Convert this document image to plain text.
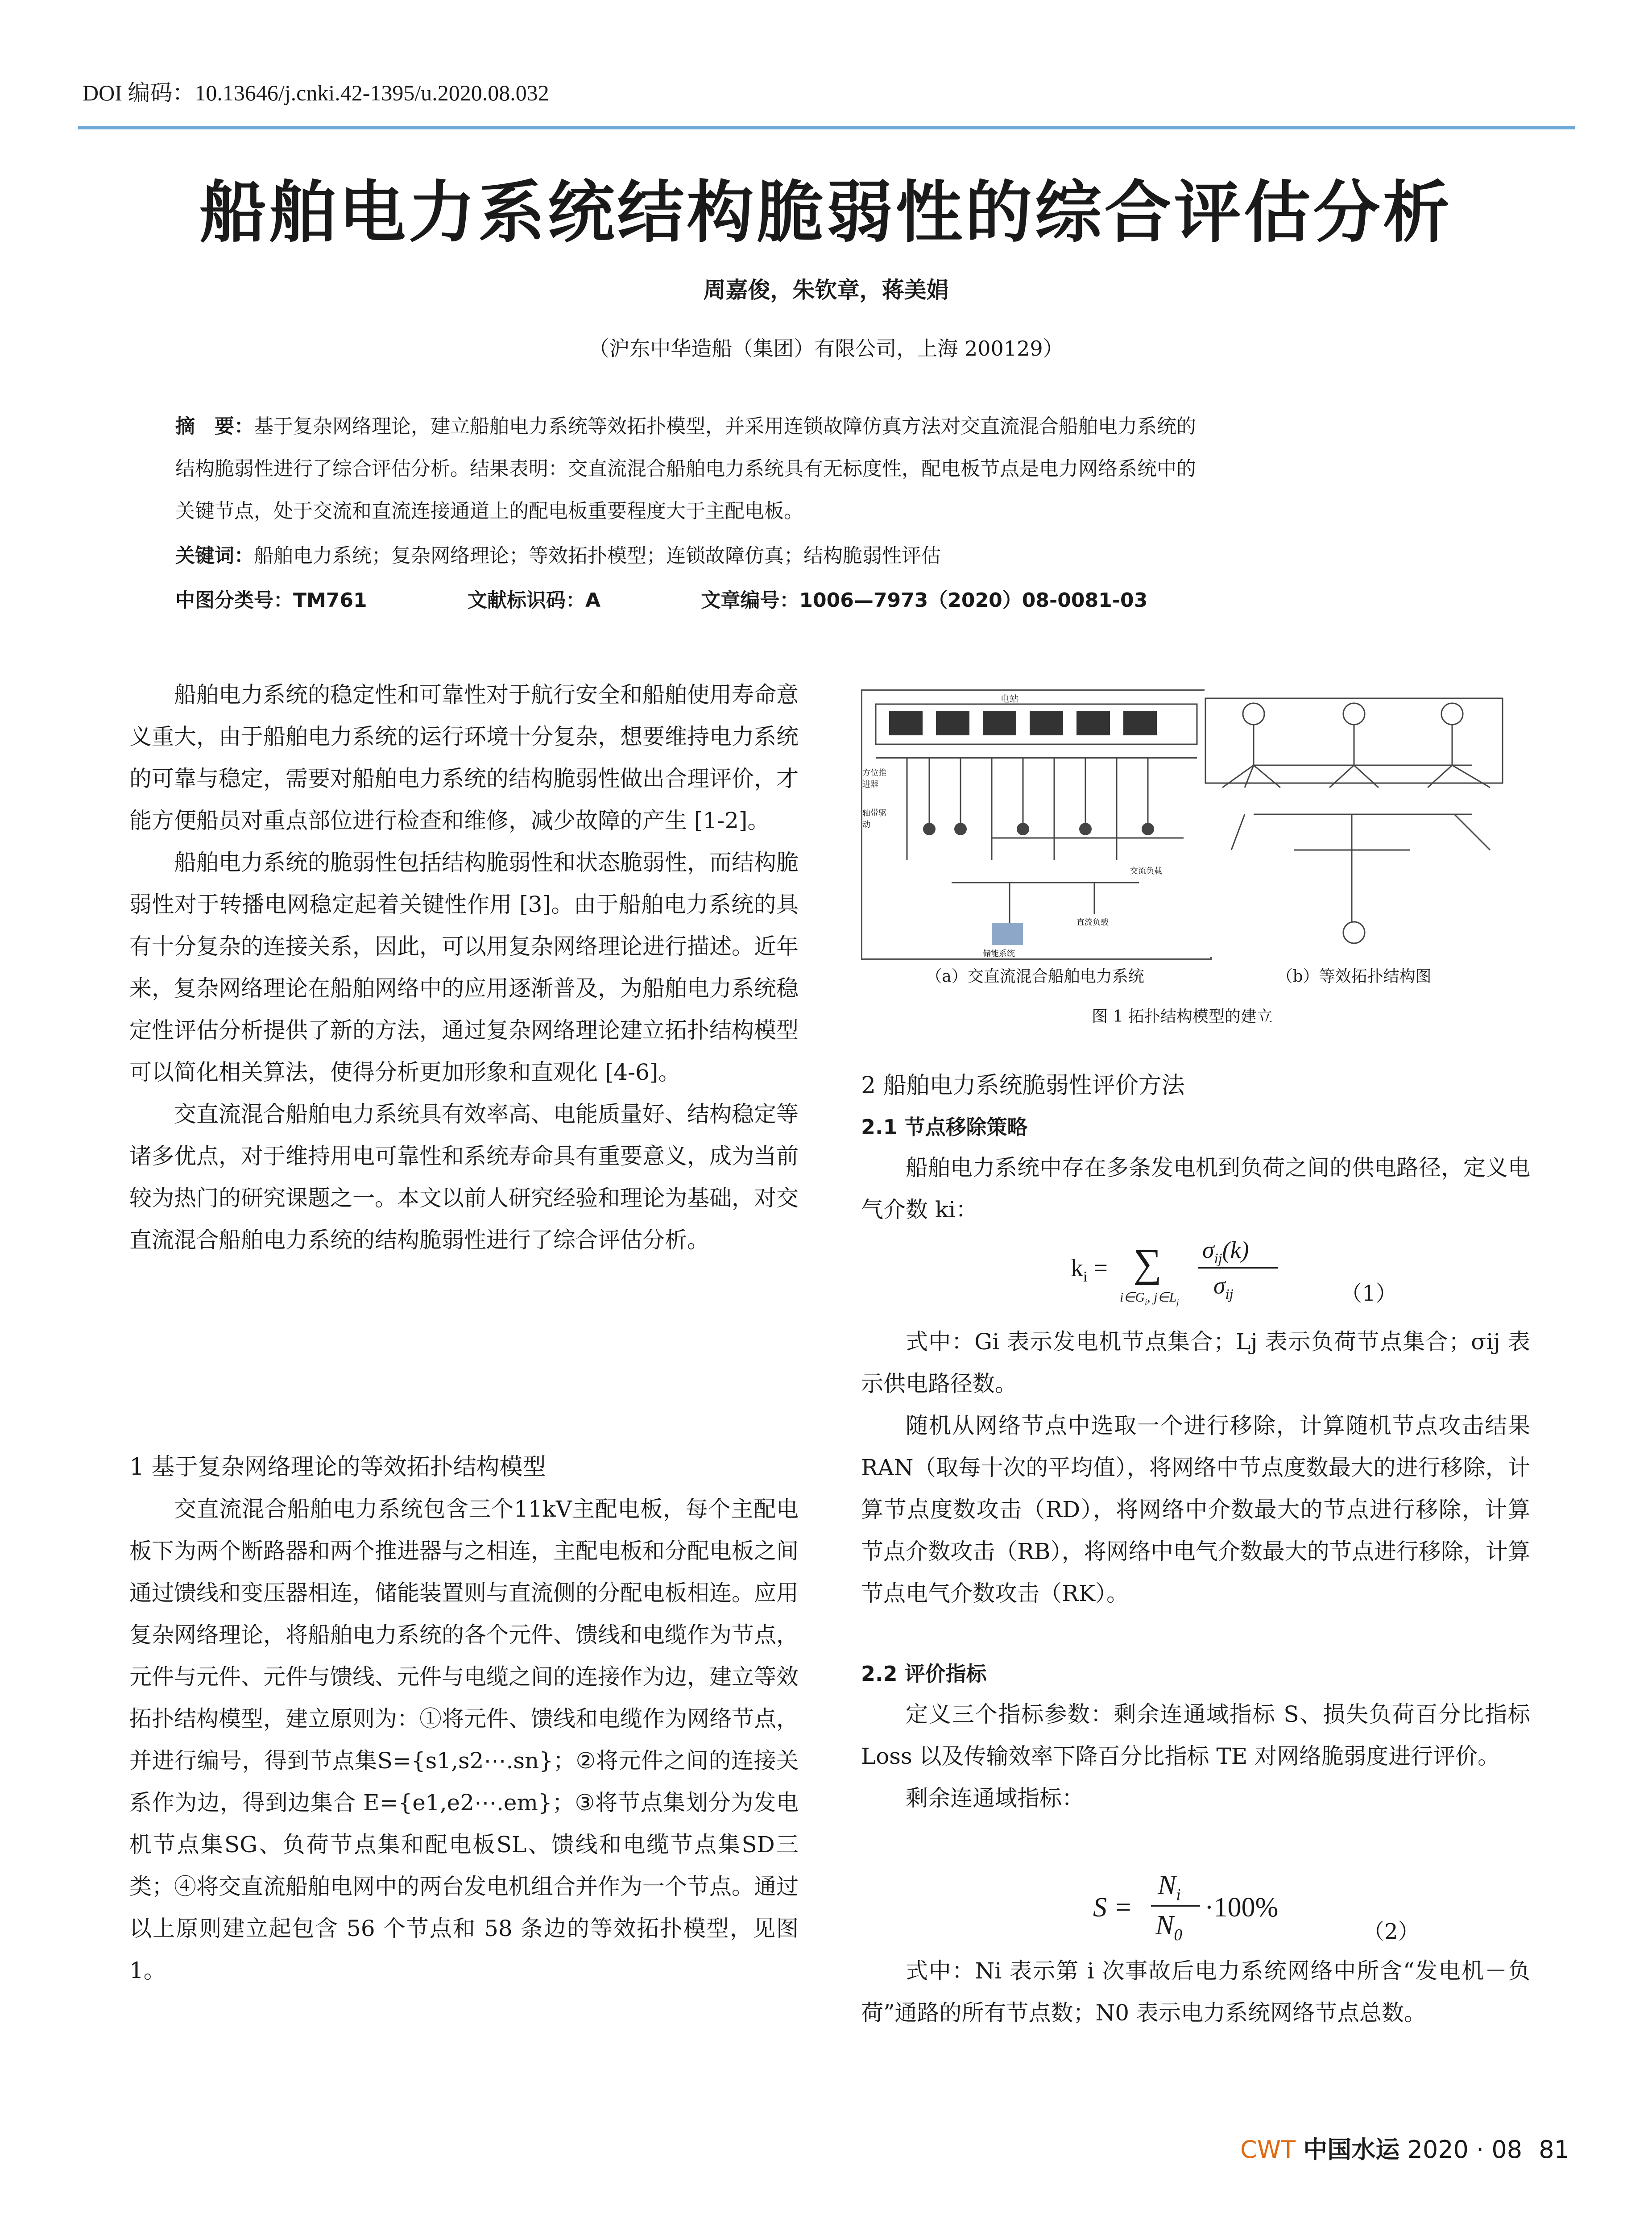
DOI 编码：10.13646/j.cnki.42-1395/u.2020.08.032
船舶电力系统结构脆弱性的综合评估分析
周嘉俊，朱钦章，蒋美娟
（沪东中华造船（集团）有限公司，上海 200129）
摘　要：基于复杂网络理论，建立船舶电力系统等效拓扑模型，并采用连锁故障仿真方法对交直流混合船舶电力系统的
结构脆弱性进行了综合评估分析。结果表明：交直流混合船舶电力系统具有无标度性，配电板节点是电力网络系统中的
关键节点，处于交流和直流连接通道上的配电板重要程度大于主配电板。
关键词：船舶电力系统；复杂网络理论；等效拓扑模型；连锁故障仿真；结构脆弱性评估
中图分类号：TM761	文献标识码：A	文章编号：1006—7973（2020）08-0081-03

船舶电力系统的稳定性和可靠性对于航行安全和船舶使用寿命意义重大，由于船舶电力系统的运行环境十分复杂，想要维持电力系统的可靠与稳定，需要对船舶电力系统的结构脆弱性做出合理评价，才能方便船员对重点部位进行检查和维修，减少故障的产生 [1-2]。

船舶电力系统的脆弱性包括结构脆弱性和状态脆弱性，而结构脆弱性对于转播电网稳定起着关键性作用 [3]。由于船舶电力系统的具有十分复杂的连接关系，因此，可以用复杂网络理论进行描述。近年来，复杂网络理论在船舶网络中的应用逐渐普及，为船舶电力系统稳定性评估分析提供了新的方法，通过复杂网络理论建立拓扑结构模型可以简化相关算法，使得分析更加形象和直观化 [4-6]。

交直流混合船舶电力系统具有效率高、电能质量好、结构稳定等诸多优点，对于维持用电可靠性和系统寿命具有重要意义，成为当前较为热门的研究课题之一。本文以前人研究经验和理论为基础，对交直流混合船舶电力系统的结构脆弱性进行了综合评估分析。

1 基于复杂网络理论的等效拓扑结构模型

交直流混合船舶电力系统包含三个11kV主配电板，每个主配电板下为两个断路器和两个推进器与之相连，主配电板和分配电板之间通过馈线和变压器相连，储能装置则与直流侧的分配电板相连。应用复杂网络理论，将船舶电力系统的各个元件、馈线和电缆作为节点，元件与元件、元件与馈线、元件与电缆之间的连接作为边，建立等效拓扑结构模型，建立原则为：①将元件、馈线和电缆作为网络节点，并进行编号，得到节点集S={s1,s2⋯.sn}；②将元件之间的连接关系作为边，得到边集合 E={e1,e2⋯.em}；③将节点集划分为发电机节点集SG、负荷节点集和配电板SL、馈线和电缆节点集SD三类；④将交直流船舶电网中的两台发电机组合并作为一个节点。通过以上原则建立起包含 56 个节点和 58 条边的等效拓扑模型，见图 1。

电站
方位推进器
轴带驱动
交流负载
直流负载
储能系统
（a）交直流混合船舶电力系统	（b）等效拓扑结构图
图 1 拓扑结构模型的建立
2 船舶电力系统脆弱性评价方法
2.1 节点移除策略

船舶电力系统中存在多条发电机到负荷之间的供电路径，定义电气介数 ki：

$k_i$ = ∑
$i\in G_i$, $j\in L_j$
$\sigma_{ij}(k)$
$\sigma_{ij}$	（1）

式中：Gi 表示发电机节点集合；Lj 表示负荷节点集合；σij 表示供电路径数。

随机从网络节点中选取一个进行移除，计算随机节点攻击结果 RAN（取每十次的平均值），将网络中节点度数最大的进行移除，计算节点度数攻击（RD），将网络中介数最大的节点进行移除，计算节点介数攻击（RB），将网络中电气介数最大的节点进行移除，计算节点电气介数攻击（RK）。

2.2 评价指标

定义三个指标参数：剩余连通域指标 S、损失负荷百分比指标 Loss 以及传输效率下降百分比指标 TE 对网络脆弱度进行评价。

剩余连通域指标：

S =
$N_i$
$N_0$
·100%
（2）

式中：Ni 表示第 i 次事故后电力系统网络中所含“发电机－负荷”通路的所有节点数；N0 表示电力系统网络节点总数。

CWT 中国水运 2020 · 08 81
